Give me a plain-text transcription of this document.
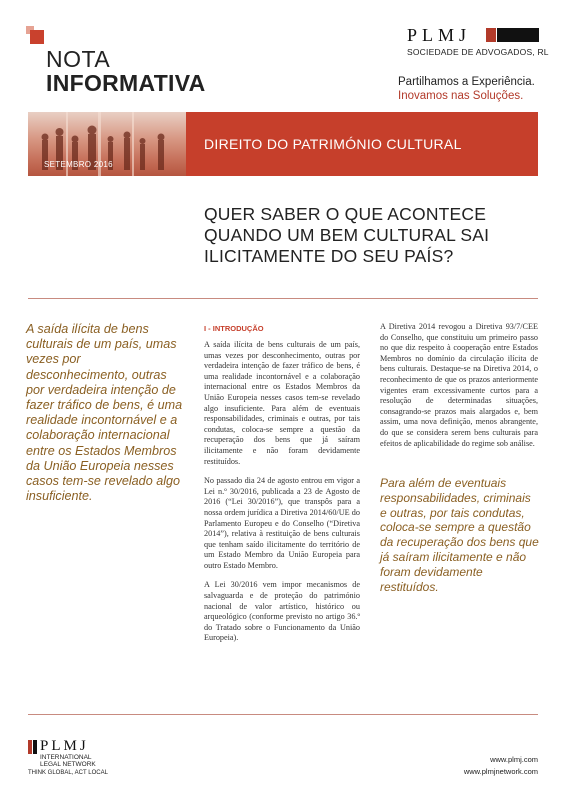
NOTA
INFORMATIVA
PLMJ
SOCIEDADE DE ADVOGADOS, RL
Partilhamos a Experiência.
Inovamos nas Soluções.
DIREITO DO PATRIMÓNIO CULTURAL
SETEMBRO 2016
QUER SABER O QUE ACONTECE
QUANDO UM BEM CULTURAL SAI
ILICITAMENTE DO SEU PAÍS?
A saída ilícita de bens culturais de um país, umas vezes por desconhecimento, outras por verdadeira intenção de fazer tráfico de bens, é uma realidade incontornável e a colaboração internacional entre os Estados Membros da União Europeia nesses casos tem-se revelado algo insuficiente.
I - INTRODUÇÃO

A saída ilícita de bens culturais de um país, umas vezes por desconhecimento, outras por verdadeira intenção de fazer tráfico de bens, é uma realidade incontornável e a colaboração internacional entre os Estados Membros da União Europeia nesses casos tem-se revelado algo insuficiente. Para além de eventuais responsabilidades, criminais e outras, por tais condutas, coloca-se sempre a questão da recuperação dos bens que já saíram ilicitamente e não foram devidamente restituídos.

No passado dia 24 de agosto entrou em vigor a Lei n.º 30/2016, publicada a 23 de Agosto de 2016 (“Lei 30/2016”), que transpôs para a nossa ordem jurídica a Diretiva 2014/60/UE do Parlamento Europeu e do Conselho (“Diretiva 2014”), relativa à restituição de bens culturais que tenham saído ilicitamente do território de um Estado Membro da União Europeia para outro Estado Membro.

A Lei 30/2016 vem impor mecanismos de salvaguarda e de proteção do património nacional de valor artístico, histórico ou arqueológico (conforme previsto no artigo 36.º do Tratado sobre o Funcionamento da União Europeia).

A Diretiva 2014 revogou a Diretiva 93/7/CEE do Conselho, que constituiu um primeiro passo no que diz respeito à cooperação entre Estados Membros no domínio da circulação ilícita de bens culturais. Destaque-se na Diretiva 2014, o reconhecimento de que os prazos anteriormente vigentes eram excessivamente curtos para a resolução de determinadas situações, consagrando-se prazos mais alargados e, bem assim, uma nova definição, menos abrangente, do que se considera serem bens culturais para efeitos de aplicabilidade do regime sob análise.

Para além de eventuais responsabilidades, criminais e outras, por tais condutas, coloca-se sempre a questão da recuperação dos bens que já saíram ilicitamente e não foram devidamente restituídos.
PLMJ
INTERNATIONAL
LEGAL NETWORK
THINK GLOBAL, ACT LOCAL
www.plmj.com
www.plmjnetwork.com
